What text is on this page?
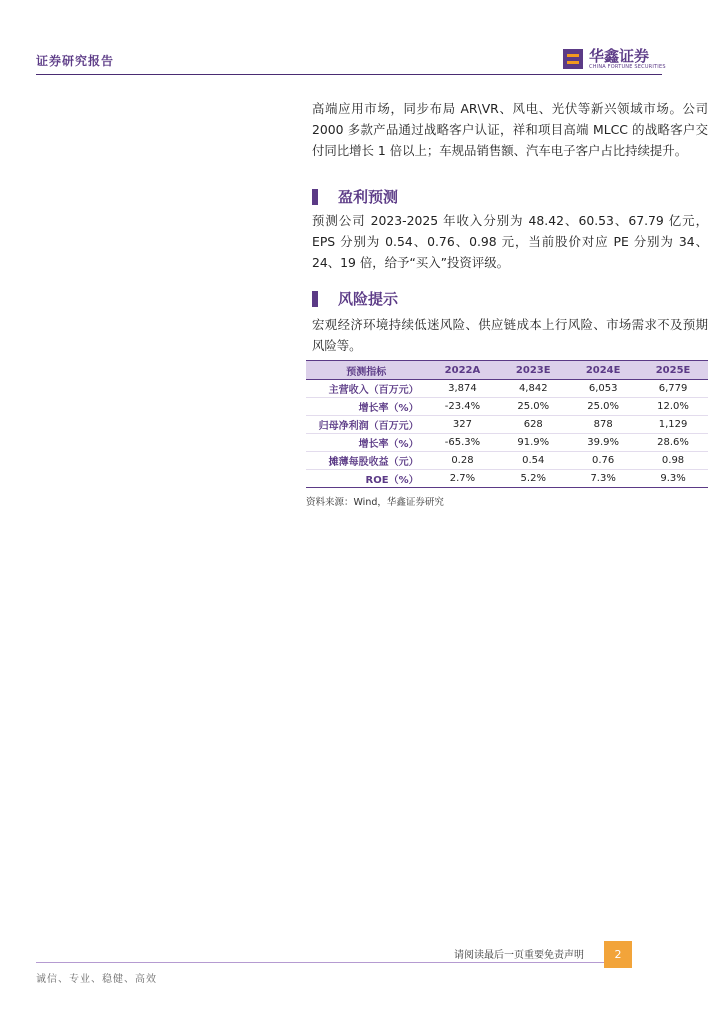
证券研究报告	华鑫证券
CHINA FORTUNE SECURITIES
高端应用市场，同步布局 AR\VR、风电、光伏等新兴领域市场。公司 2000 多款产品通过战略客户认证，祥和项目高端 MLCC 的战略客户交付同比增长 1 倍以上；车规品销售额、汽车电子客户占比持续提升。
盈利预测
预测公司 2023-2025 年收入分别为 48.42、60.53、67.79 亿元，EPS 分别为 0.54、0.76、0.98 元，当前股价对应 PE 分别为 34、24、19 倍，给予“买入”投资评级。
风险提示
宏观经济环境持续低迷风险、供应链成本上行风险、市场需求不及预期风险等。
预测指标	2022A	2023E	2024E	2025E
主营收入（百万元）	3,874	4,842	6,053	6,779
增长率（%）	-23.4%	25.0%	25.0%	12.0%
归母净利润（百万元）	327	628	878	1,129
增长率（%）	-65.3%	91.9%	39.9%	28.6%
摊薄每股收益（元）	0.28	0.54	0.76	0.98
ROE（%）	2.7%	5.2%	7.3%	9.3%
资料来源：Wind，华鑫证券研究
请阅读最后一页重要免责声明	2
诚信、专业、稳健、高效
